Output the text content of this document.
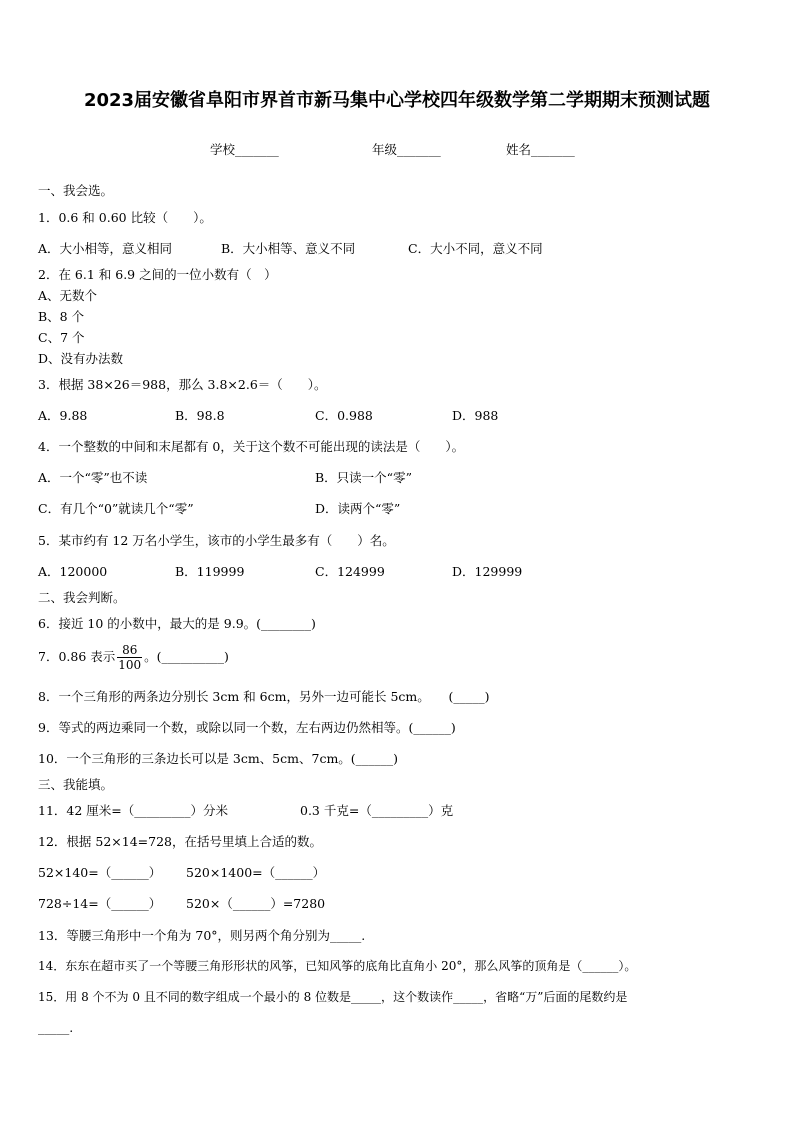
2023届安徽省阜阳市界首市新马集中心学校四年级数学第二学期期末预测试题
学校_______	年级_______	姓名_______
一、我会选。
1．0.6 和 0.60 比较（　　）。
A．大小相等，意义相同	B．大小相等、意义不同	C．大小不同，意义不同
2．在 6.1 和 6.9 之间的一位小数有（　）
A、无数个
B、8 个
C、7 个
D、没有办法数
3．根据 38×26＝988，那么 3.8×2.6＝（　　）。
A．9.88	B．98.8	C．0.988	D．988
4．一个整数的中间和末尾都有 0，关于这个数不可能出现的读法是（　　）。
A．一个“零”也不读	B．只读一个“零”
C．有几个“0”就读几个“零”	D．读两个“零”
5．某市约有 12 万名小学生，该市的小学生最多有（　　）名。
A．120000	B．119999	C．124999	D．129999
二、我会判断。
6．接近 10 的小数中，最大的是 9.9。(________)
7．0.86 表示 $\frac{86}{100}$ 。(__________)
8．一个三角形的两条边分别长 3cm 和 6cm，另外一边可能长 5cm。　　(_____)
9．等式的两边乘同一个数，或除以同一个数，左右两边仍然相等。(______)
10．一个三角形的三条边长可以是 3cm、5cm、7cm。(______)
三、我能填。
11．42 厘米=（_________）分米	0.3 千克=（_________）克
12．根据 52×14=728，在括号里填上合适的数。
52×140=（______） 520×1400=（______）
728÷14=（______） 520×（______）=7280
13．等腰三角形中一个角为 70°，则另两个角分别为_____.
14．东东在超市买了一个等腰三角形形状的风筝，已知风筝的底角比直角小 20°，那么风筝的顶角是（______）。
15．用 8 个不为 0 且不同的数字组成一个最小的 8 位数是_____，这个数读作_____，省略“万”后面的尾数约是
_____.
